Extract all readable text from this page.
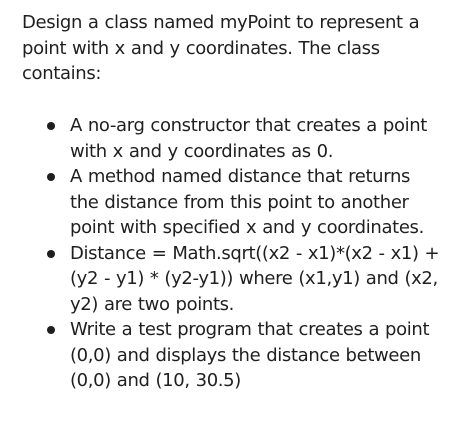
Design a class named myPoint to represent a
point with x and y coordinates. The class
contains:

A no-arg constructor that creates a point
with x and y coordinates as 0.
A method named distance that returns
the distance from this point to another
point with specified x and y coordinates.
Distance = Math.sqrt((x2 - x1)*(x2 - x1) +
(y2 - y1) * (y2-y1)) where (x1,y1) and (x2,
y2) are two points.
Write a test program that creates a point
(0,0) and displays the distance between
(0,0) and (10, 30.5)
